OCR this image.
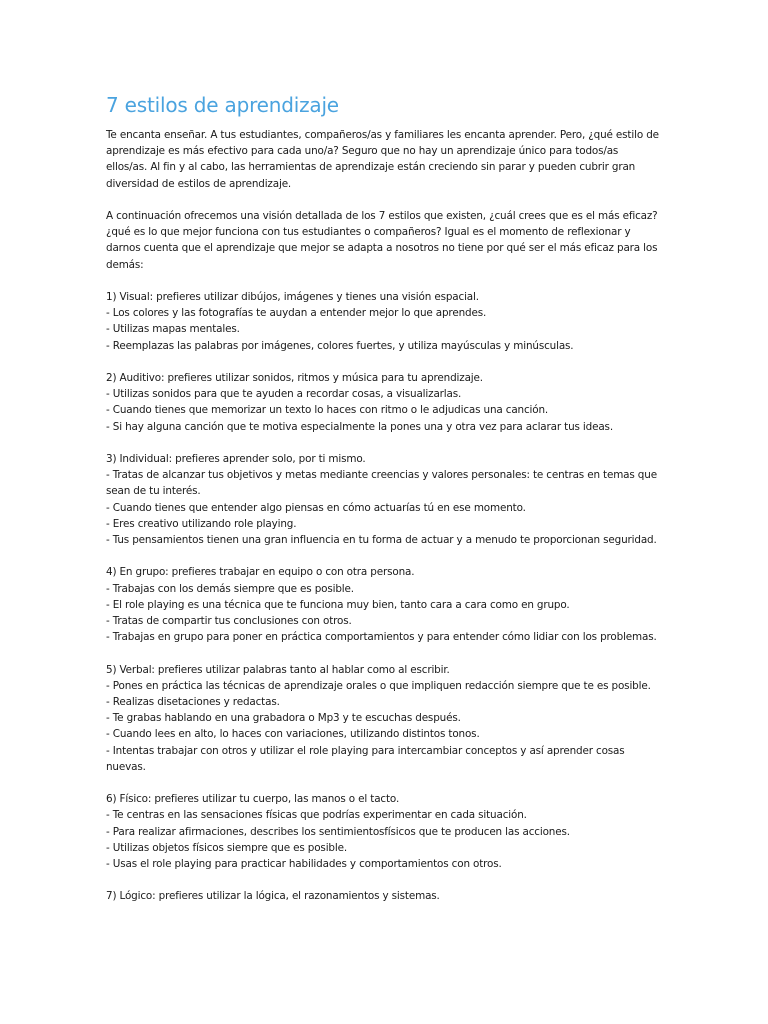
7 estilos de aprendizaje

Te encanta enseñar. A tus estudiantes, compañeros/as y familiares les encanta aprender. Pero, ¿qué estilo de aprendizaje es más efectivo para cada uno/a? Seguro que no hay un aprendizaje único para todos/as ellos/as. Al fin y al cabo, las herramientas de aprendizaje están creciendo sin parar y pueden cubrir gran diversidad de estilos de aprendizaje.

A continuación ofrecemos una visión detallada de los 7 estilos que existen, ¿cuál crees que es el más eficaz? ¿qué es lo que mejor funciona con tus estudiantes o compañeros? Igual es el momento de reflexionar y darnos cuenta que el aprendizaje que mejor se adapta a nosotros no tiene por qué ser el más eficaz para los demás:

1) Visual: prefieres utilizar dibújos, imágenes y tienes una visión espacial.
- Los colores y las fotografías te auydan a entender mejor lo que aprendes.
- Utilizas mapas mentales.
- Reemplazas las palabras por imágenes, colores fuertes, y utiliza mayúsculas y minúsculas.
2) Auditivo: prefieres utilizar sonidos, ritmos y música para tu aprendizaje.
- Utilizas sonidos para que te ayuden a recordar cosas, a visualizarlas.
- Cuando tienes que memorizar un texto lo haces con ritmo o le adjudicas una canción.
- Si hay alguna canción que te motiva especialmente la pones una y otra vez para aclarar tus ideas.
3) Individual: prefieres aprender solo, por ti mismo.
- Tratas de alcanzar tus objetivos y metas mediante creencias y valores personales: te centras en temas que sean de tu interés.
- Cuando tienes que entender algo piensas en cómo actuarías tú en ese momento.
- Eres creativo utilizando role playing.
- Tus pensamientos tienen una gran influencia en tu forma de actuar y a menudo te proporcionan seguridad.
4) En grupo: prefieres trabajar en equipo o con otra persona.
- Trabajas con los demás siempre que es posible.
- El role playing es una técnica que te funciona muy bien, tanto cara a cara como en grupo.
- Tratas de compartir tus conclusiones con otros.
- Trabajas en grupo para poner en práctica comportamientos y para entender cómo lidiar con los problemas.
5) Verbal: prefieres utilizar palabras tanto al hablar como al escribir.
- Pones en práctica las técnicas de aprendizaje orales o que impliquen redacción siempre que te es posible.
- Realizas disetaciones y redactas.
- Te grabas hablando en una grabadora o Mp3 y te escuchas después.
- Cuando lees en alto, lo haces con variaciones, utilizando distintos tonos.
- Intentas trabajar con otros y utilizar el role playing para intercambiar conceptos y así aprender cosas nuevas.
6) Físico: prefieres utilizar tu cuerpo, las manos o el tacto.
- Te centras en las sensaciones físicas que podrías experimentar en cada situación.
- Para realizar afirmaciones, describes los sentimientosfísicos que te producen las acciones.
- Utilizas objetos físicos siempre que es posible.
- Usas el role playing para practicar habilidades y comportamientos con otros.
7) Lógico: prefieres utilizar la lógica, el razonamientos y sistemas.
